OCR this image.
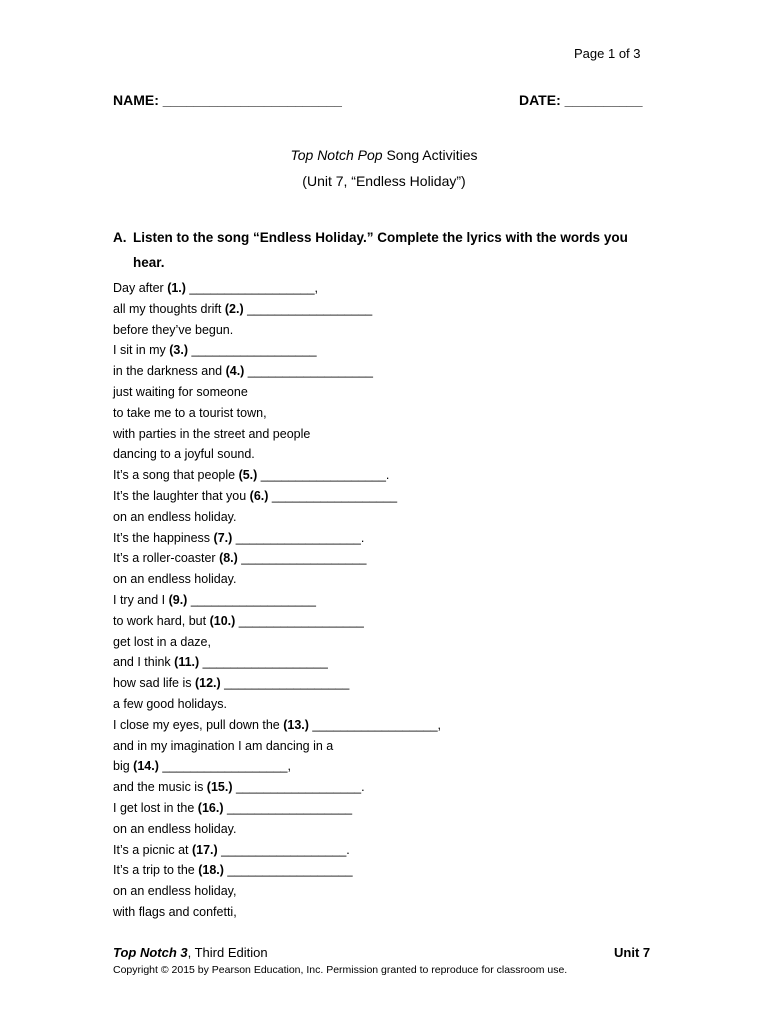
Page 1 of 3
NAME: _______________________	DATE: __________
Top Notch Pop Song Activities
(Unit 7, “Endless Holiday”)
A. Listen to the song “Endless Holiday.” Complete the lyrics with the words you
hear.
Day after (1.) __________________,
all my thoughts drift (2.) __________________
before they’ve begun.
I sit in my (3.) __________________
in the darkness and (4.) __________________
just waiting for someone
to take me to a tourist town,
with parties in the street and people
dancing to a joyful sound.
It’s a song that people (5.) __________________.
It’s the laughter that you (6.) __________________
on an endless holiday.
It’s the happiness (7.) __________________.
It’s a roller-coaster (8.) __________________
on an endless holiday.
I try and I (9.) __________________
to work hard, but (10.) __________________
get lost in a daze,
and I think (11.) __________________
how sad life is (12.) __________________
a few good holidays.
I close my eyes, pull down the (13.) __________________,
and in my imagination I am dancing in a
big (14.) __________________,
and the music is (15.) __________________.
I get lost in the (16.) __________________
on an endless holiday.
It’s a picnic at (17.) __________________.
It’s a trip to the (18.) __________________
on an endless holiday,
with flags and confetti,
Top Notch 3, Third Edition	Unit 7
Copyright © 2015 by Pearson Education, Inc. Permission granted to reproduce for classroom use.
